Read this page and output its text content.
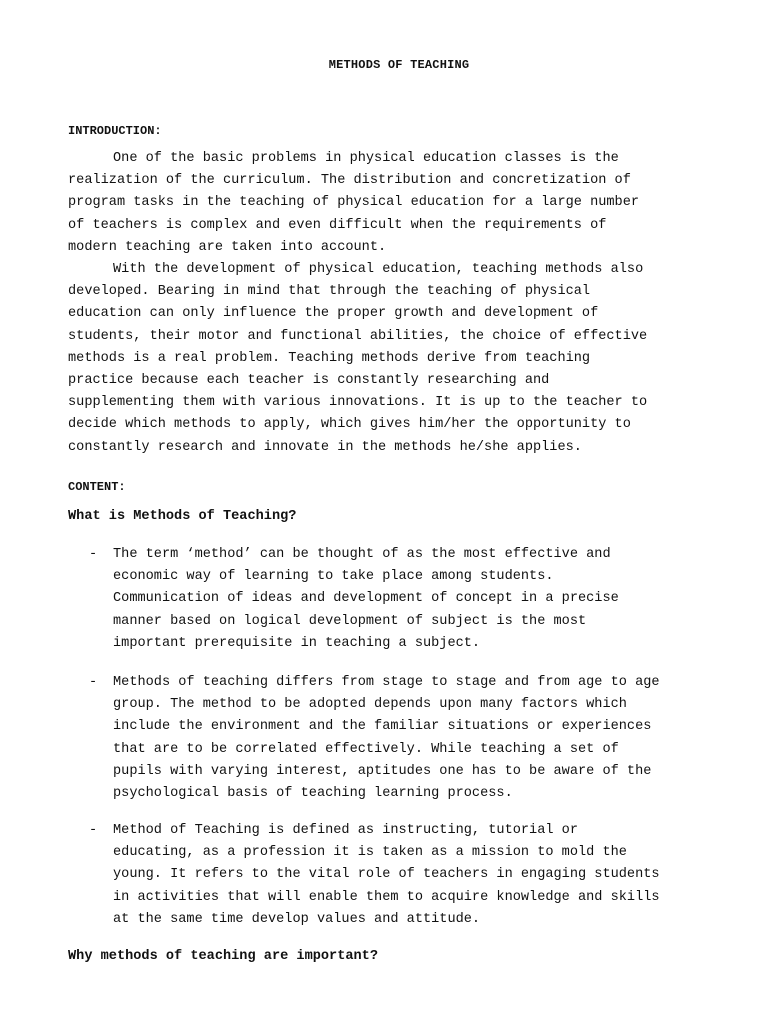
METHODS OF TEACHING
INTRODUCTION:

One of the basic problems in physical education classes is the
realization of the curriculum. The distribution and concretization of
program tasks in the teaching of physical education for a large number
of teachers is complex and even difficult when the requirements of
modern teaching are taken into account.

With the development of physical education, teaching methods also
developed. Bearing in mind that through the teaching of physical
education can only influence the proper growth and development of
students, their motor and functional abilities, the choice of effective
methods is a real problem. Teaching methods derive from teaching
practice because each teacher is constantly researching and
supplementing them with various innovations. It is up to the teacher to
decide which methods to apply, which gives him/her the opportunity to
constantly research and innovate in the methods he/she applies.

CONTENT:
What is Methods of Teaching?
- The term ‘method’ can be thought of as the most effective and
economic way of learning to take place among students.
Communication of ideas and development of concept in a precise
manner based on logical development of subject is the most
important prerequisite in teaching a subject.
- Methods of teaching differs from stage to stage and from age to age
group. The method to be adopted depends upon many factors which
include the environment and the familiar situations or experiences
that are to be correlated effectively. While teaching a set of
pupils with varying interest, aptitudes one has to be aware of the
psychological basis of teaching learning process.
- Method of Teaching is defined as instructing, tutorial or
educating, as a profession it is taken as a mission to mold the
young. It refers to the vital role of teachers in engaging students
in activities that will enable them to acquire knowledge and skills
at the same time develop values and attitude.
Why methods of teaching are important?
